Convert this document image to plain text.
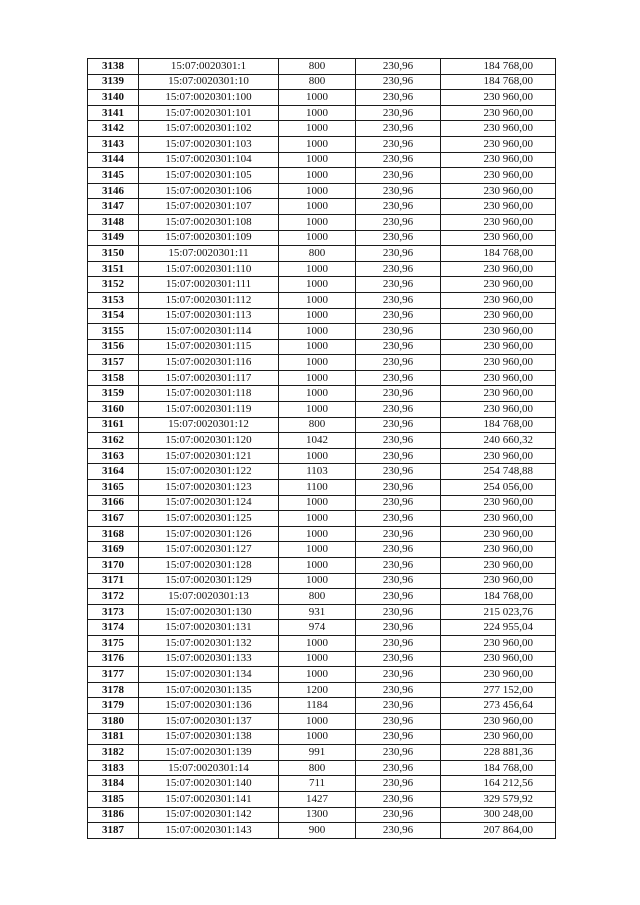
3138	15:07:0020301:1	800	230,96	184 768,00
3139	15:07:0020301:10	800	230,96	184 768,00
3140	15:07:0020301:100	1000	230,96	230 960,00
3141	15:07:0020301:101	1000	230,96	230 960,00
3142	15:07:0020301:102	1000	230,96	230 960,00
3143	15:07:0020301:103	1000	230,96	230 960,00
3144	15:07:0020301:104	1000	230,96	230 960,00
3145	15:07:0020301:105	1000	230,96	230 960,00
3146	15:07:0020301:106	1000	230,96	230 960,00
3147	15:07:0020301:107	1000	230,96	230 960,00
3148	15:07:0020301:108	1000	230,96	230 960,00
3149	15:07:0020301:109	1000	230,96	230 960,00
3150	15:07:0020301:11	800	230,96	184 768,00
3151	15:07:0020301:110	1000	230,96	230 960,00
3152	15:07:0020301:111	1000	230,96	230 960,00
3153	15:07:0020301:112	1000	230,96	230 960,00
3154	15:07:0020301:113	1000	230,96	230 960,00
3155	15:07:0020301:114	1000	230,96	230 960,00
3156	15:07:0020301:115	1000	230,96	230 960,00
3157	15:07:0020301:116	1000	230,96	230 960,00
3158	15:07:0020301:117	1000	230,96	230 960,00
3159	15:07:0020301:118	1000	230,96	230 960,00
3160	15:07:0020301:119	1000	230,96	230 960,00
3161	15:07:0020301:12	800	230,96	184 768,00
3162	15:07:0020301:120	1042	230,96	240 660,32
3163	15:07:0020301:121	1000	230,96	230 960,00
3164	15:07:0020301:122	1103	230,96	254 748,88
3165	15:07:0020301:123	1100	230,96	254 056,00
3166	15:07:0020301:124	1000	230,96	230 960,00
3167	15:07:0020301:125	1000	230,96	230 960,00
3168	15:07:0020301:126	1000	230,96	230 960,00
3169	15:07:0020301:127	1000	230,96	230 960,00
3170	15:07:0020301:128	1000	230,96	230 960,00
3171	15:07:0020301:129	1000	230,96	230 960,00
3172	15:07:0020301:13	800	230,96	184 768,00
3173	15:07:0020301:130	931	230,96	215 023,76
3174	15:07:0020301:131	974	230,96	224 955,04
3175	15:07:0020301:132	1000	230,96	230 960,00
3176	15:07:0020301:133	1000	230,96	230 960,00
3177	15:07:0020301:134	1000	230,96	230 960,00
3178	15:07:0020301:135	1200	230,96	277 152,00
3179	15:07:0020301:136	1184	230,96	273 456,64
3180	15:07:0020301:137	1000	230,96	230 960,00
3181	15:07:0020301:138	1000	230,96	230 960,00
3182	15:07:0020301:139	991	230,96	228 881,36
3183	15:07:0020301:14	800	230,96	184 768,00
3184	15:07:0020301:140	711	230,96	164 212,56
3185	15:07:0020301:141	1427	230,96	329 579,92
3186	15:07:0020301:142	1300	230,96	300 248,00
3187	15:07:0020301:143	900	230,96	207 864,00
